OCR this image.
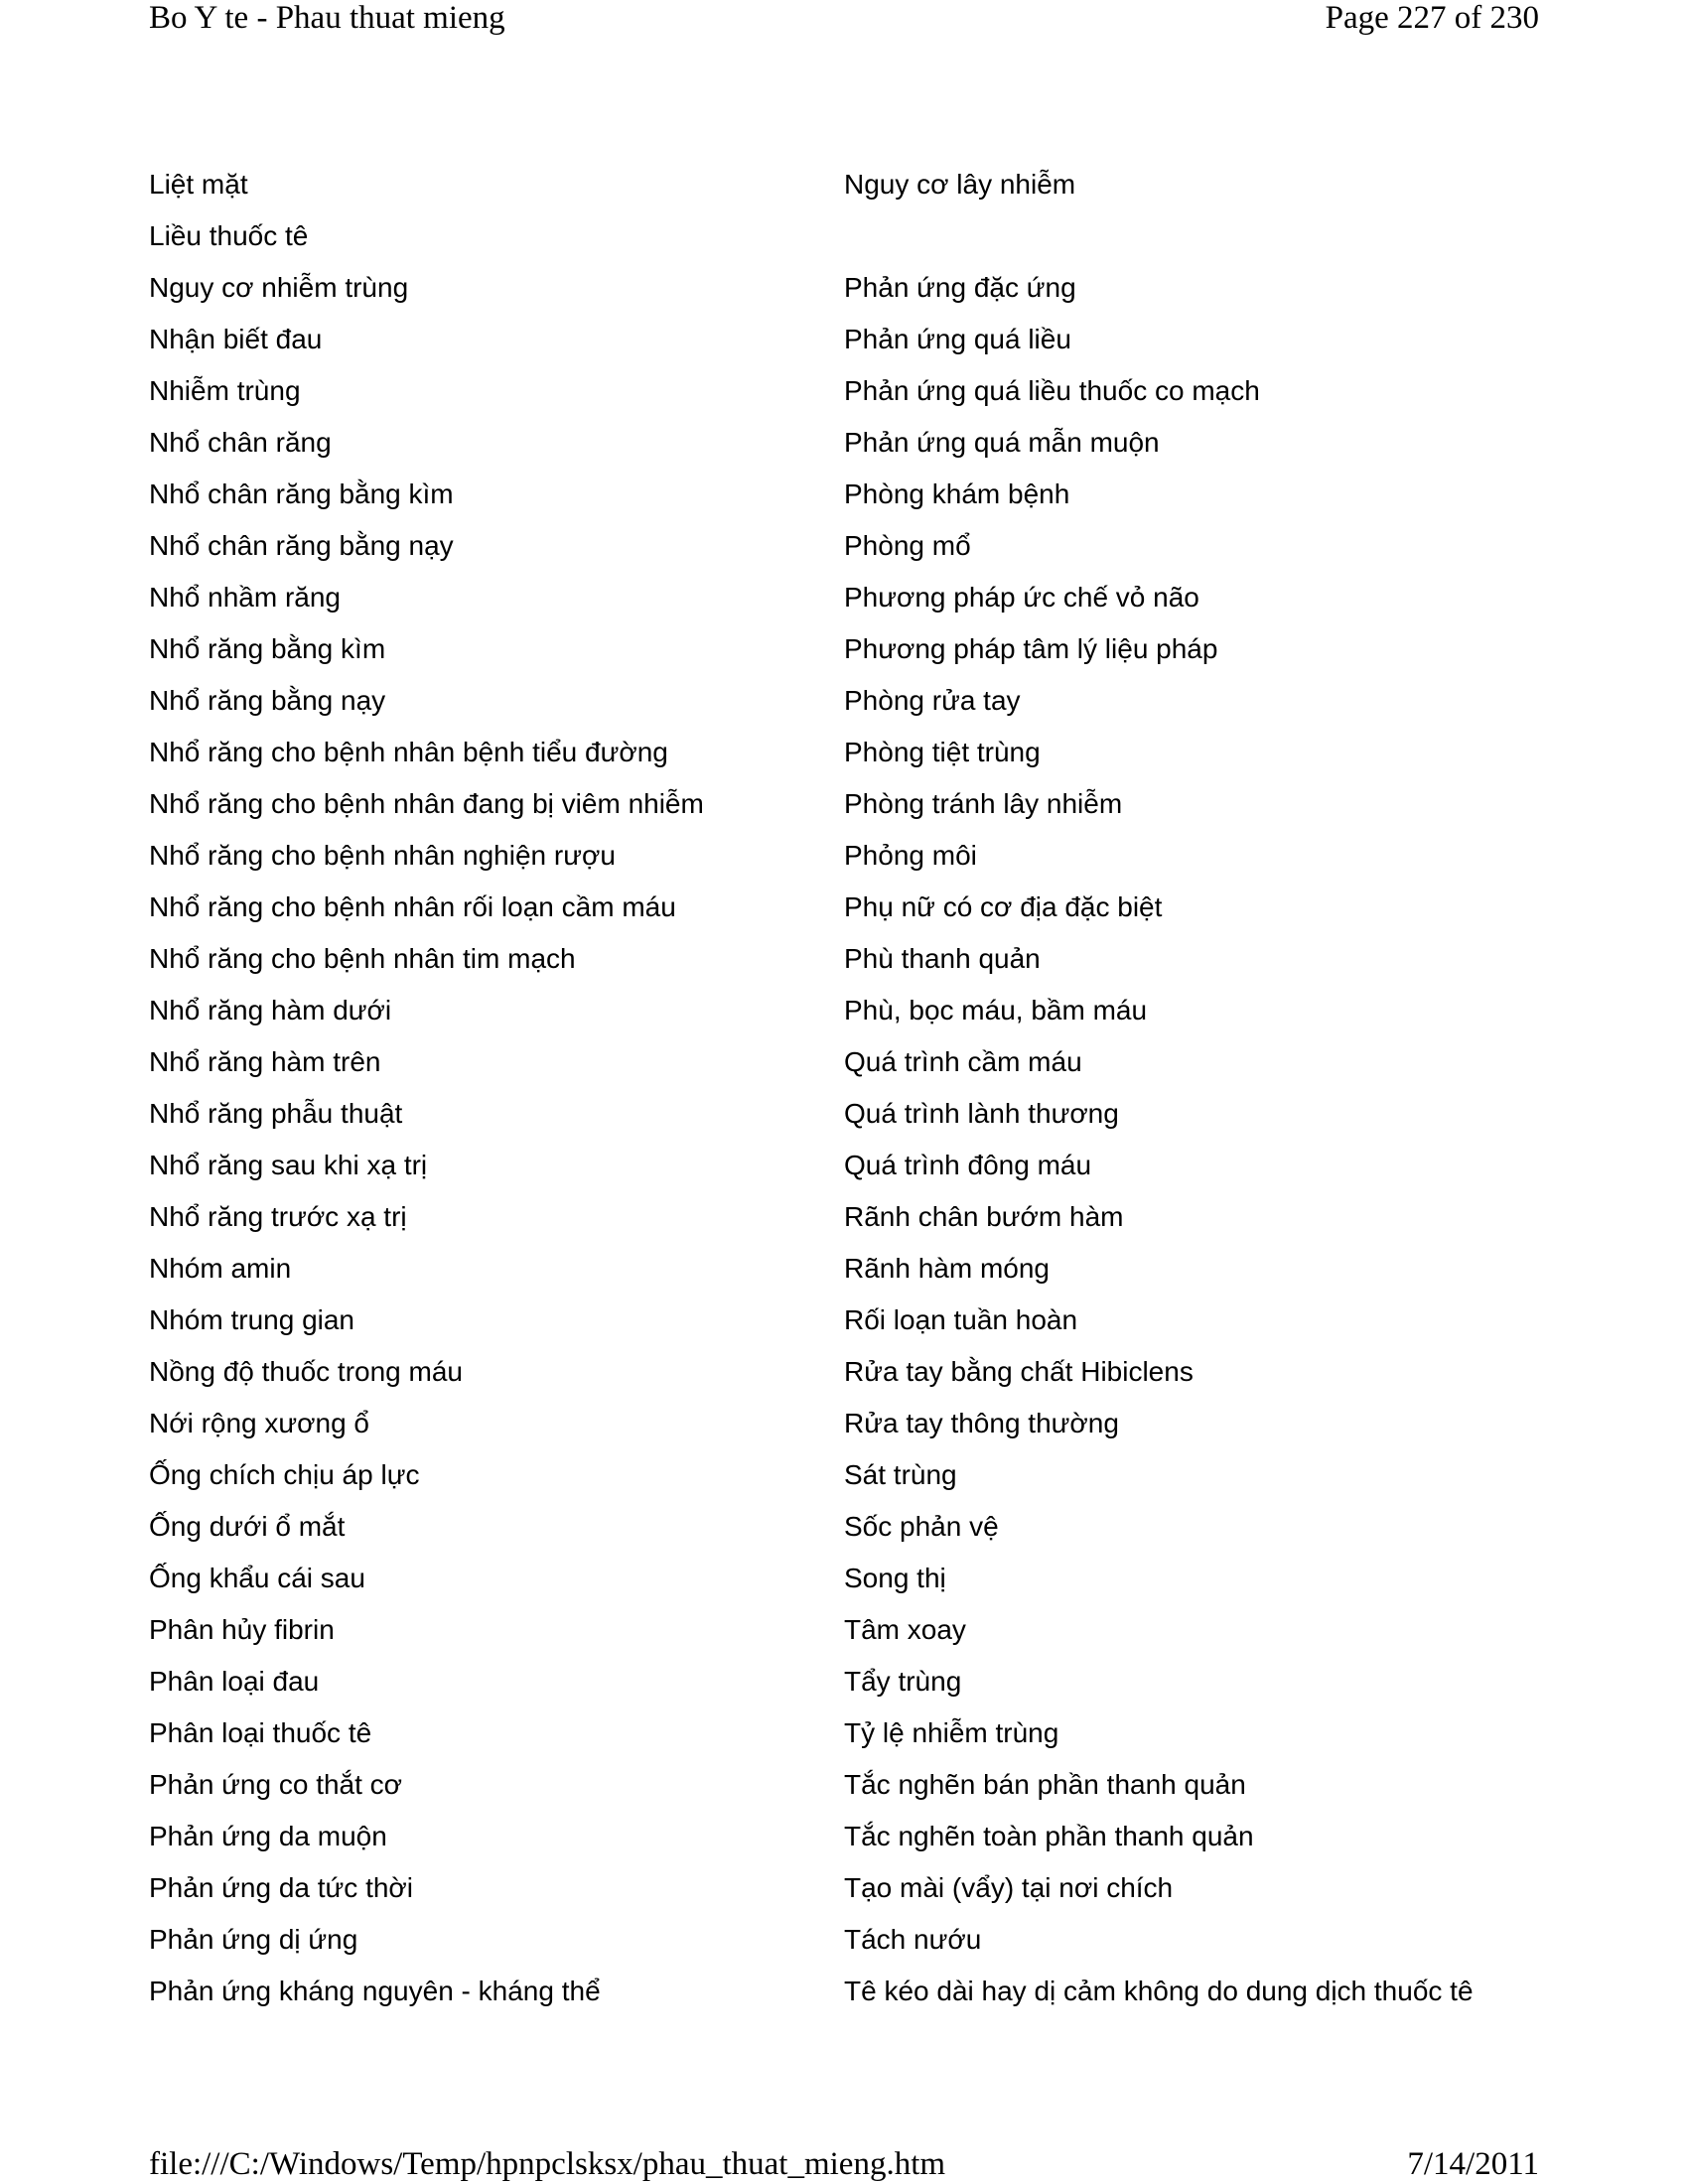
Bo Y te - Phau thuat mieng	Page 227 of 230
Liệt mặt
Liều thuốc tê
Nguy cơ nhiễm trùng
Nhận biết đau
Nhiễm trùng
Nhổ chân răng
Nhổ chân răng bằng kìm
Nhổ chân răng bằng nạy
Nhổ nhầm răng
Nhổ răng bằng kìm
Nhổ răng bằng nạy
Nhổ răng cho bệnh nhân bệnh tiểu đường
Nhổ răng cho bệnh nhân đang bị viêm nhiễm
Nhổ răng cho bệnh nhân nghiện rượu
Nhổ răng cho bệnh nhân rối loạn cầm máu
Nhổ răng cho bệnh nhân tim mạch
Nhổ răng hàm dưới
Nhổ răng hàm trên
Nhổ răng phẫu thuật
Nhổ răng sau khi xạ trị
Nhổ răng trước xạ trị
Nhóm amin
Nhóm trung gian
Nồng độ thuốc trong máu
Nới rộng xương ổ
Ống chích chịu áp lực
Ống dưới ổ mắt
Ống khẩu cái sau
Phân hủy fibrin
Phân loại đau
Phân loại thuốc tê
Phản ứng co thắt cơ
Phản ứng da muộn
Phản ứng da tức thời
Phản ứng dị ứng
Phản ứng kháng nguyên - kháng thể
Nguy cơ lây nhiễm
Phản ứng đặc ứng
Phản ứng quá liều
Phản ứng quá liều thuốc co mạch
Phản ứng quá mẫn muộn
Phòng khám bệnh
Phòng mổ
Phương pháp ức chế vỏ não
Phương pháp tâm lý liệu pháp
Phòng rửa tay
Phòng tiệt trùng
Phòng tránh lây nhiễm
Phỏng môi
Phụ nữ có cơ địa đặc biệt
Phù thanh quản
Phù, bọc máu, bầm máu
Quá trình cầm máu
Quá trình lành thương
Quá trình đông máu
Rãnh chân bướm hàm
Rãnh hàm móng
Rối loạn tuần hoàn
Rửa tay bằng chất Hibiclens
Rửa tay thông thường
Sát trùng
Sốc phản vệ
Song thị
Tâm xoay
Tẩy trùng
Tỷ lệ nhiễm trùng
Tắc nghẽn bán phần thanh quản
Tắc nghẽn toàn phần thanh quản
Tạo mài (vẩy) tại nơi chích
Tách nướu
Tê kéo dài hay dị cảm không do dung dịch thuốc tê
file:///C:/Windows/Temp/hpnpclsksx/phau_thuat_mieng.htm	7/14/2011
